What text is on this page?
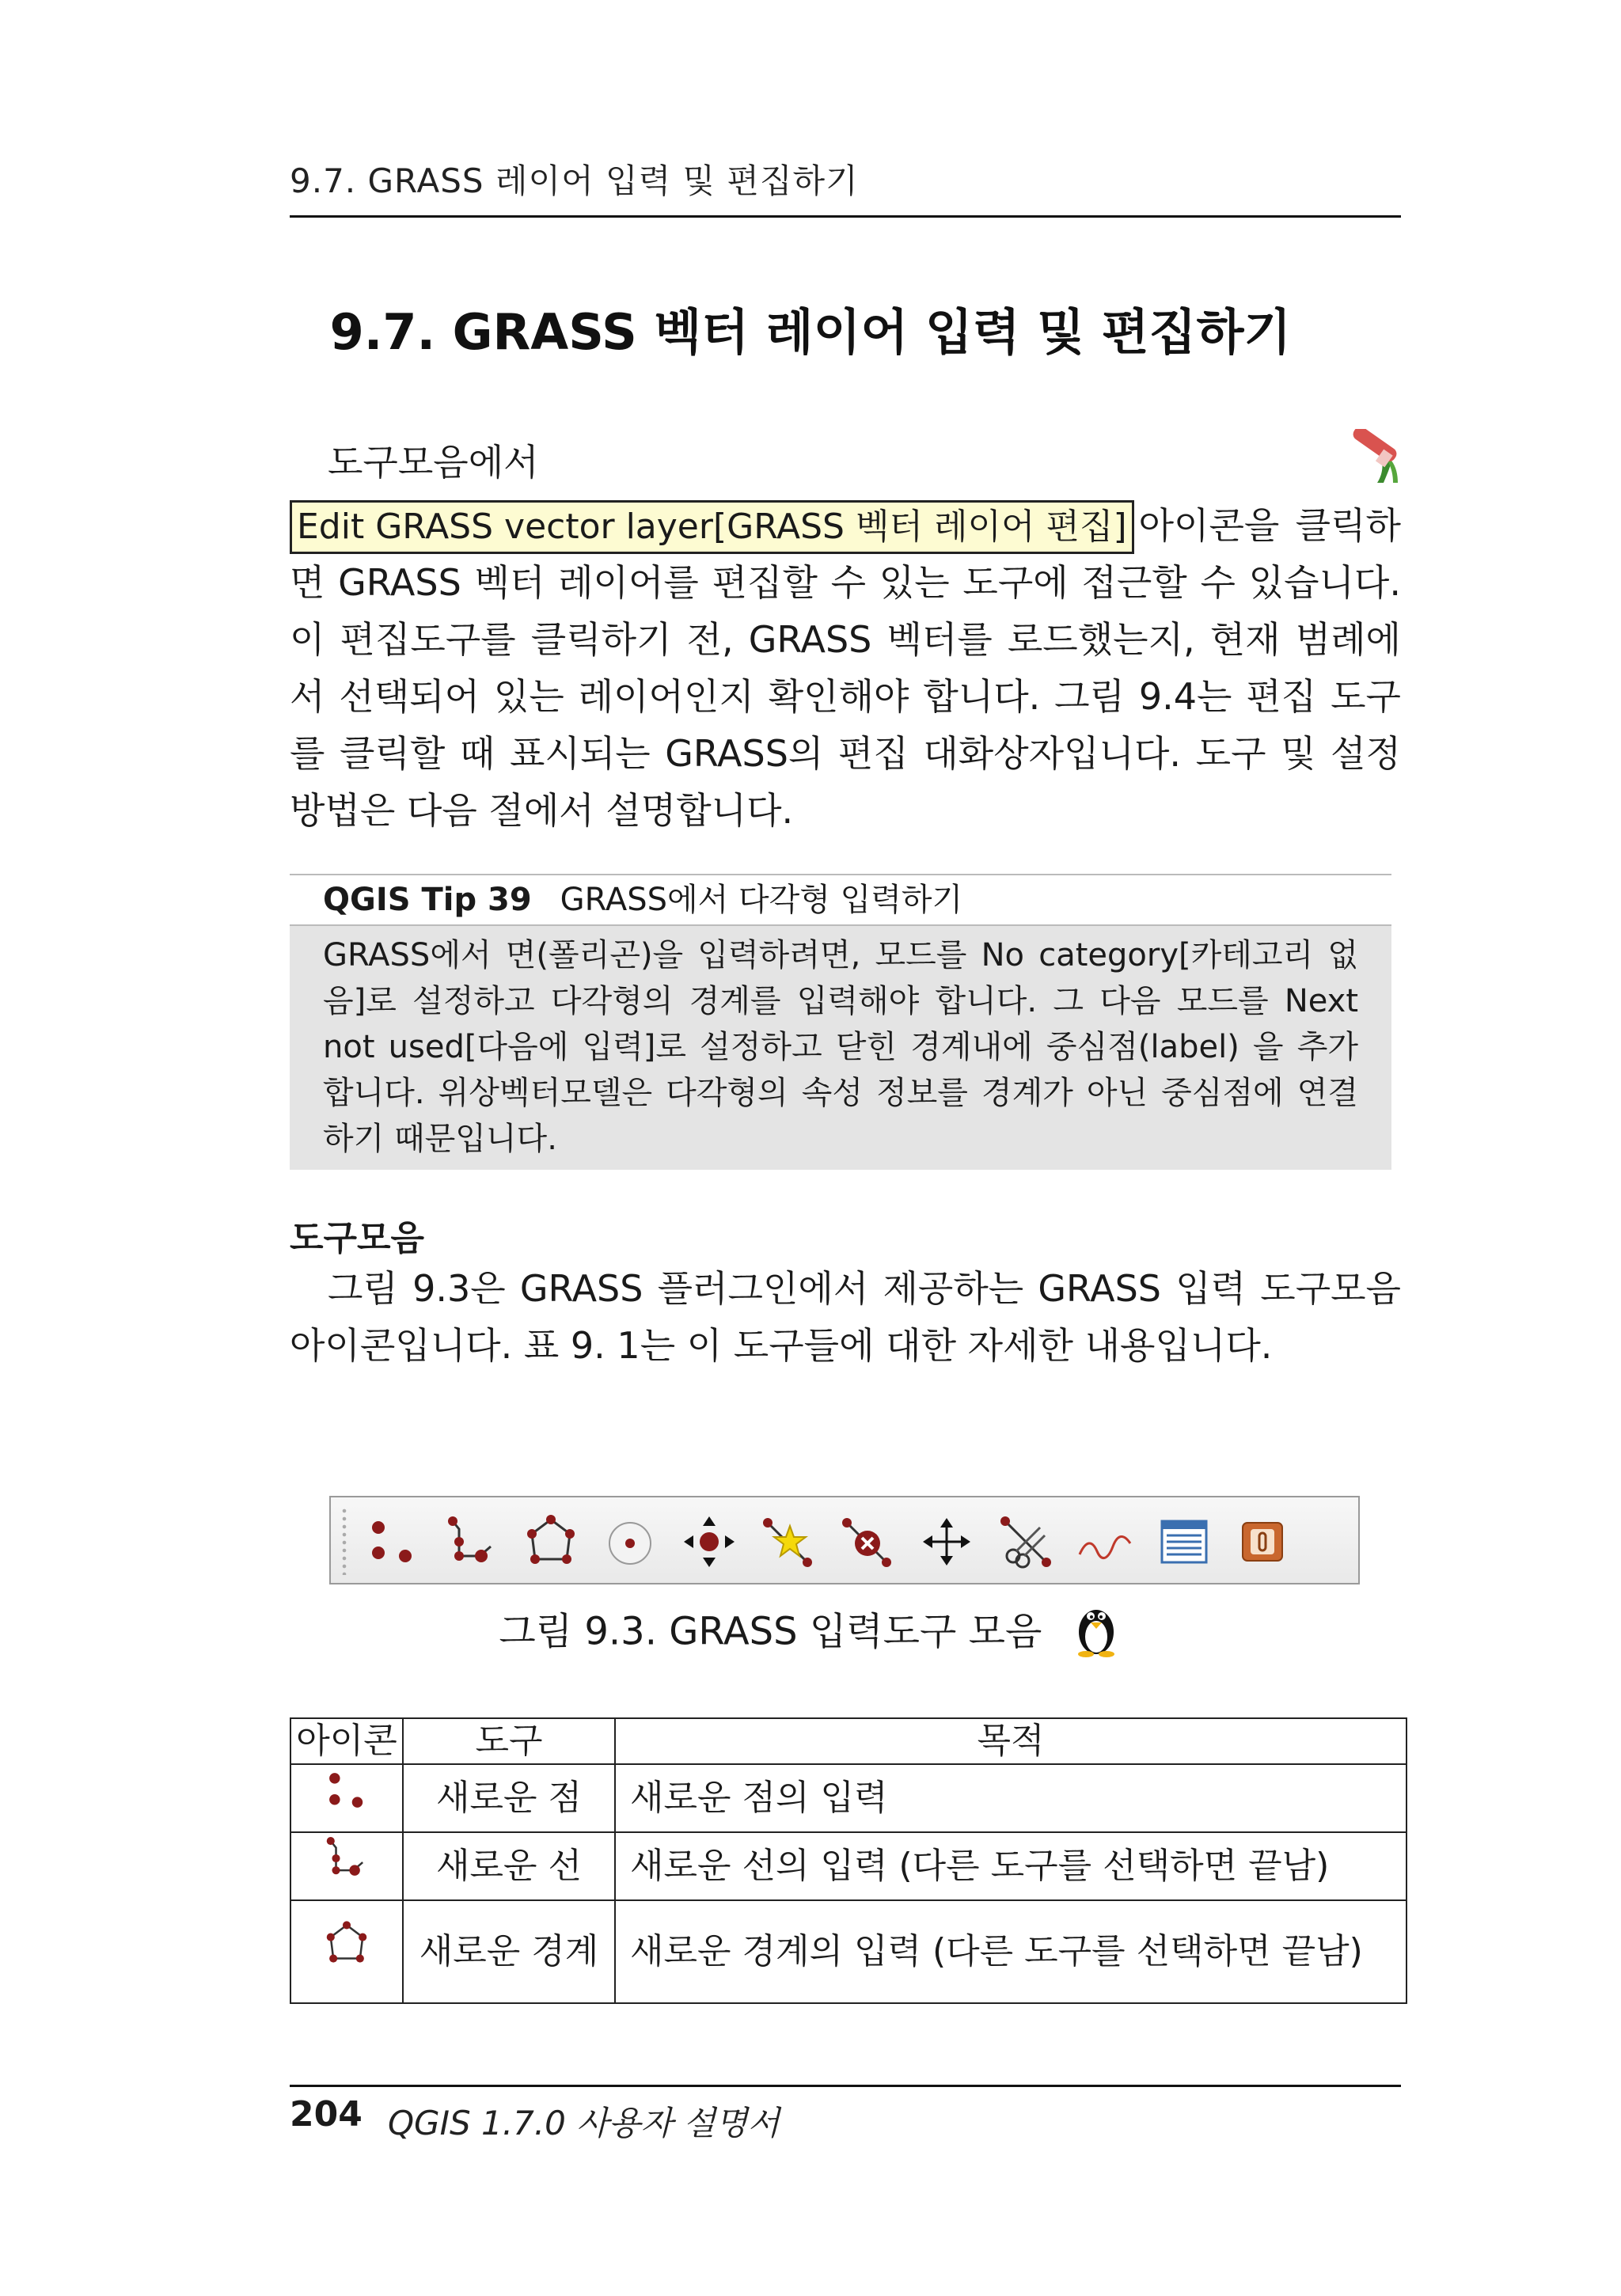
9.7. GRASS 레이어 입력 및 편집하기
9.7. GRASS 벡터 레이어 입력 및 편집하기
도구모음에서
Edit GRASS vector layer[GRASS 벡터 레이어 편집] 아이콘을 클릭하 면 GRASS 벡터 레이어를 편집할 수 있는 도구에 접근할 수 있습니다. 이 편집도구를 클릭하기 전, GRASS 벡터를 로드했는지, 현재 범례에서 선택되어 있는 레이어인지 확인해야 합니다. 그림 9.4는 편집 도구를 클릭할 때 표시되는 GRASS의 편집 대화상자입니다. 도구 및 설정 방법은 다음 절에서 설명합니다.
QGIS Tip 39 GRASS에서 다각형 입력하기
GRASS에서 면(폴리곤)을 입력하려면, 모드를 No category[카테고리 없음]로 설정하고 다각형의 경계를 입력해야 합니다. 그 다음 모드를 Next not used[다음에 입력]로 설정하고 닫힌 경계내에 중심점(label) 을 추가합니다. 위상벡터모델은 다각형의 속성 정보를 경계가 아닌 중심점에 연결하기 때문입니다.
도구모음
그림 9.3은 GRASS 플러그인에서 제공하는 GRASS 입력 도구모음 아이콘입니다. 표 9. 1는 이 도구들에 대한 자세한 내용입니다.
그림 9.3. GRASS 입력도구 모음
아이콘	도구	목적
	새로운 점	새로운 점의 입력
	새로운 선	새로운 선의 입력 (다른 도구를 선택하면 끝남)
	새로운 경계	새로운 경계의 입력 (다른 도구를 선택하면 끝남)
204 QGIS 1.7.0 사용자 설명서
